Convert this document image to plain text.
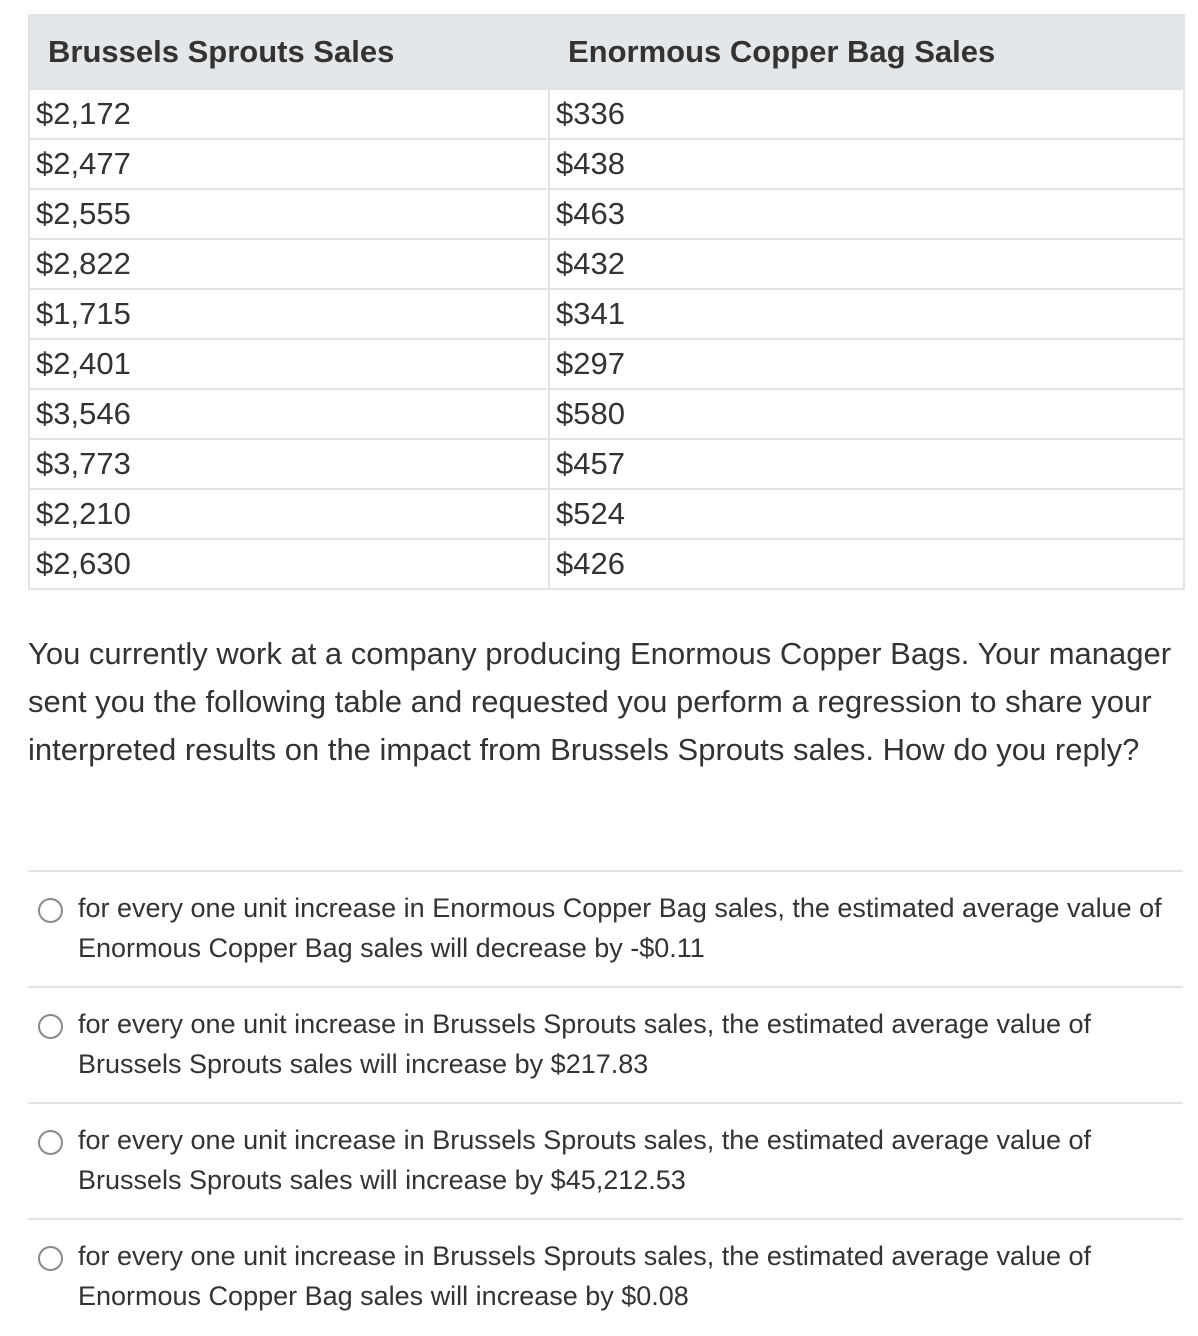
Brussels Sprouts Sales	Enormous Copper Bag Sales
$2,172	$336
$2,477	$438
$2,555	$463
$2,822	$432
$1,715	$341
$2,401	$297
$3,546	$580
$3,773	$457
$2,210	$524
$2,630	$426

You currently work at a company producing Enormous Copper Bags. Your manager sent you the following table and requested you perform a regression to share your interpreted results on the impact from Brussels Sprouts sales. How do you reply?

for every one unit increase in Enormous Copper Bag sales, the estimated average value of Enormous Copper Bag sales will decrease by -$0.11
for every one unit increase in Brussels Sprouts sales, the estimated average value of Brussels Sprouts sales will increase by $217.83
for every one unit increase in Brussels Sprouts sales, the estimated average value of Brussels Sprouts sales will increase by $45,212.53
for every one unit increase in Brussels Sprouts sales, the estimated average value of Enormous Copper Bag sales will increase by $0.08
